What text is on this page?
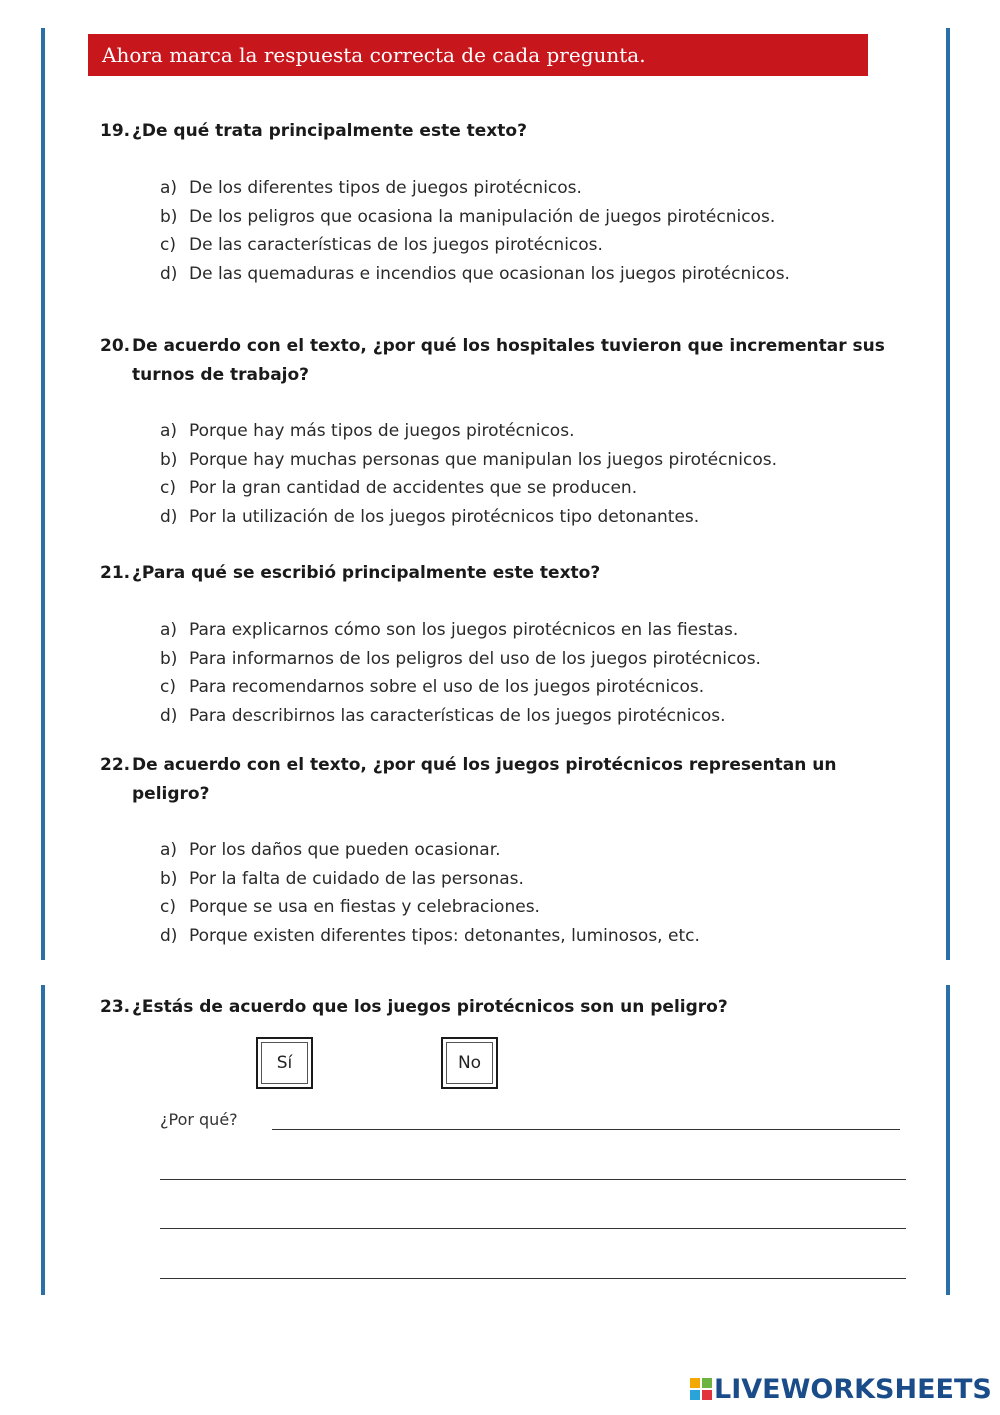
Ahora marca la respuesta correcta de cada pregunta.
19. ¿De qué trata principalmente este texto?
a) De los diferentes tipos de juegos pirotécnicos.
b) De los peligros que ocasiona la manipulación de juegos pirotécnicos.
c) De las características de los juegos pirotécnicos.
d) De las quemaduras e incendios que ocasionan los juegos pirotécnicos.
20. De acuerdo con el texto, ¿por qué los hospitales tuvieron que incrementar sus
turnos de trabajo?
a) Porque hay más tipos de juegos pirotécnicos.
b) Porque hay muchas personas que manipulan los juegos pirotécnicos.
c) Por la gran cantidad de accidentes que se producen.
d) Por la utilización de los juegos pirotécnicos tipo detonantes.
21. ¿Para qué se escribió principalmente este texto?
a) Para explicarnos cómo son los juegos pirotécnicos en las fiestas.
b) Para informarnos de los peligros del uso de los juegos pirotécnicos.
c) Para recomendarnos sobre el uso de los juegos pirotécnicos.
d) Para describirnos las características de los juegos pirotécnicos.
22. De acuerdo con el texto, ¿por qué los juegos pirotécnicos representan un
peligro?
a) Por los daños que pueden ocasionar.
b) Por la falta de cuidado de las personas.
c) Porque se usa en fiestas y celebraciones.
d) Porque existen diferentes tipos: detonantes, luminosos, etc.
23. ¿Estás de acuerdo que los juegos pirotécnicos son un peligro?
Sí	No
¿Por qué?
LIVEWORKSHEETS
